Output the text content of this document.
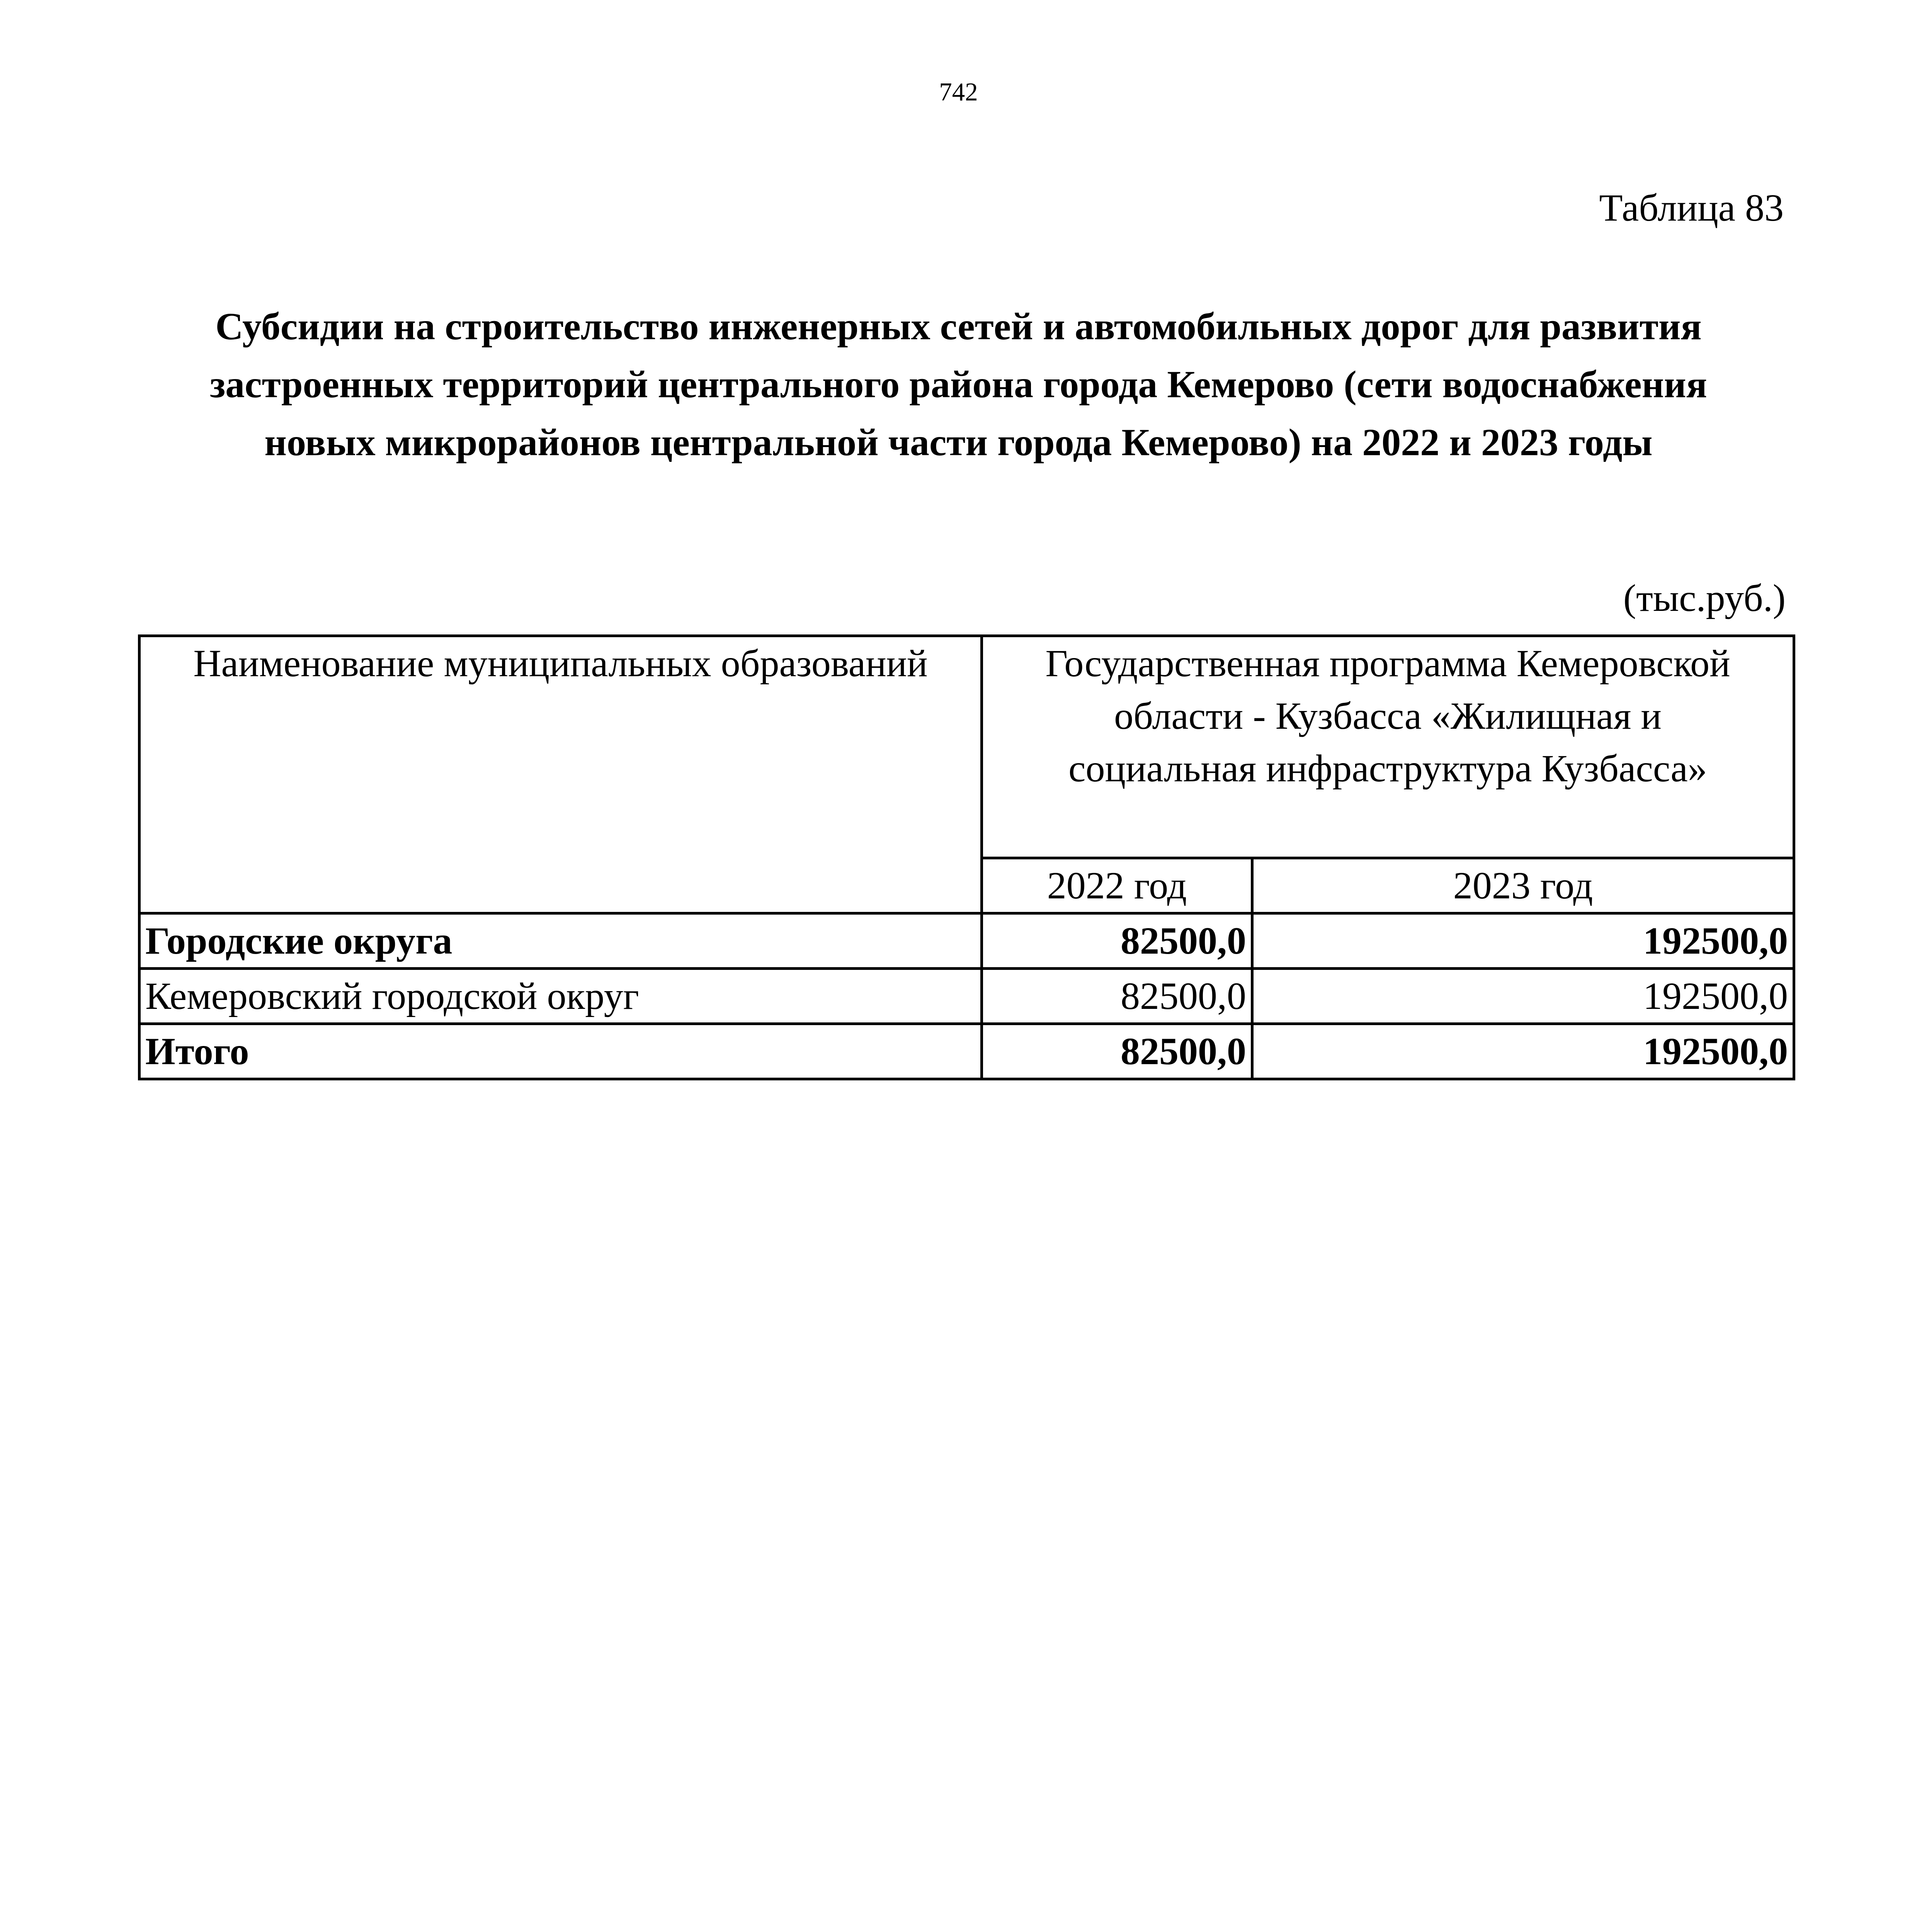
742
Таблица 83
Субсидии на строительство инженерных сетей и автомобильных дорог для развития
застроенных территорий центрального района города Кемерово (сети водоснабжения
новых микрорайонов центральной части города Кемерово) на 2022 и 2023 годы
(тыс.руб.)
Наименование муниципальных образований	Государственная программа Кемеровской
области - Кузбасса «Жилищная и
социальная инфраструктура Кузбасса»	

	2022 год	2023 год
Городские округа	82500,0	192500,0
Кемеровский городской округ	82500,0	192500,0
Итого	82500,0	192500,0
